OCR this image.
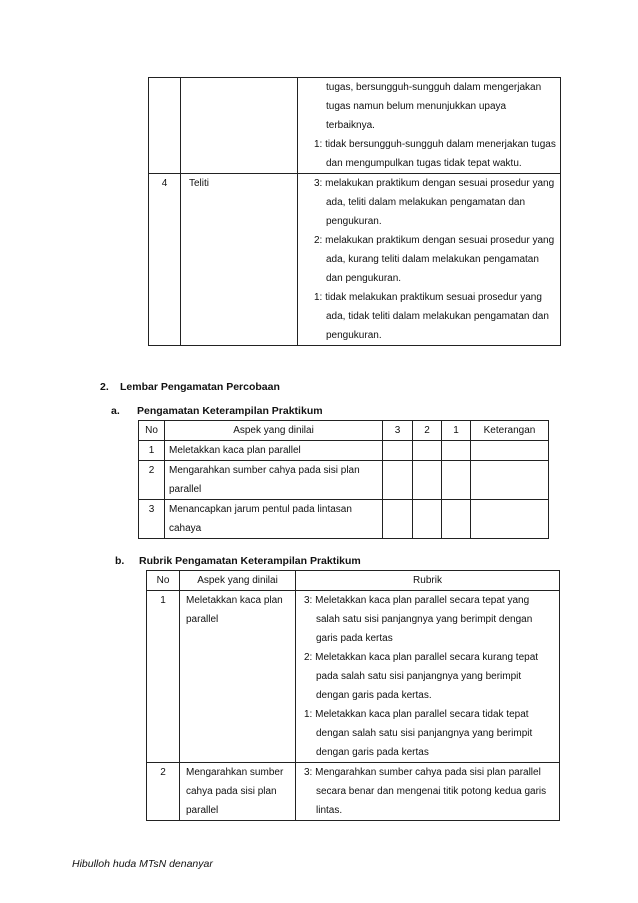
		tugas, bersungguh-sungguh dalam mengerjakan tugas namun belum menunjukkan upaya terbaiknya.

1: tidak bersungguh-sungguh dalam menerjakan tugas dan mengumpulkan tugas tidak tepat waktu.

4	Teliti	3: melakukan praktikum dengan sesuai prosedur yang ada, teliti dalam melakukan pengamatan dan pengukuran.

2: melakukan praktikum dengan sesuai prosedur yang ada, kurang teliti dalam melakukan pengamatan dan pengukuran.

1: tidak melakukan praktikum sesuai prosedur yang ada, tidak teliti dalam melakukan pengamatan dan pengukuran.

2. Lembar Pengamatan Percobaan
a. Pengamatan Keterampilan Praktikum
No	Aspek yang dinilai	3	2	1	Keterangan
1	Meletakkan kaca plan parallel				
2	Mengarahkan sumber cahya pada sisi plan parallel				
3	Menancapkan jarum pentul pada lintasan cahaya				
b. Rubrik Pengamatan Keterampilan Praktikum
No	Aspek yang dinilai	Rubrik
1	Meletakkan kaca plan parallel	3: Meletakkan kaca plan parallel secara tepat yang salah satu sisi panjangnya yang berimpit dengan garis pada kertas

2: Meletakkan kaca plan parallel secara kurang tepat pada salah satu sisi panjangnya yang berimpit dengan garis pada kertas.

1: Meletakkan kaca plan parallel secara tidak tepat dengan salah satu sisi panjangnya yang berimpit dengan garis pada kertas

2	Mengarahkan sumber cahya pada sisi plan parallel	3: Mengarahkan sumber cahya pada sisi plan parallel secara benar dan mengenai titik potong kedua garis lintas.

Hibulloh huda MTsN denanyar
